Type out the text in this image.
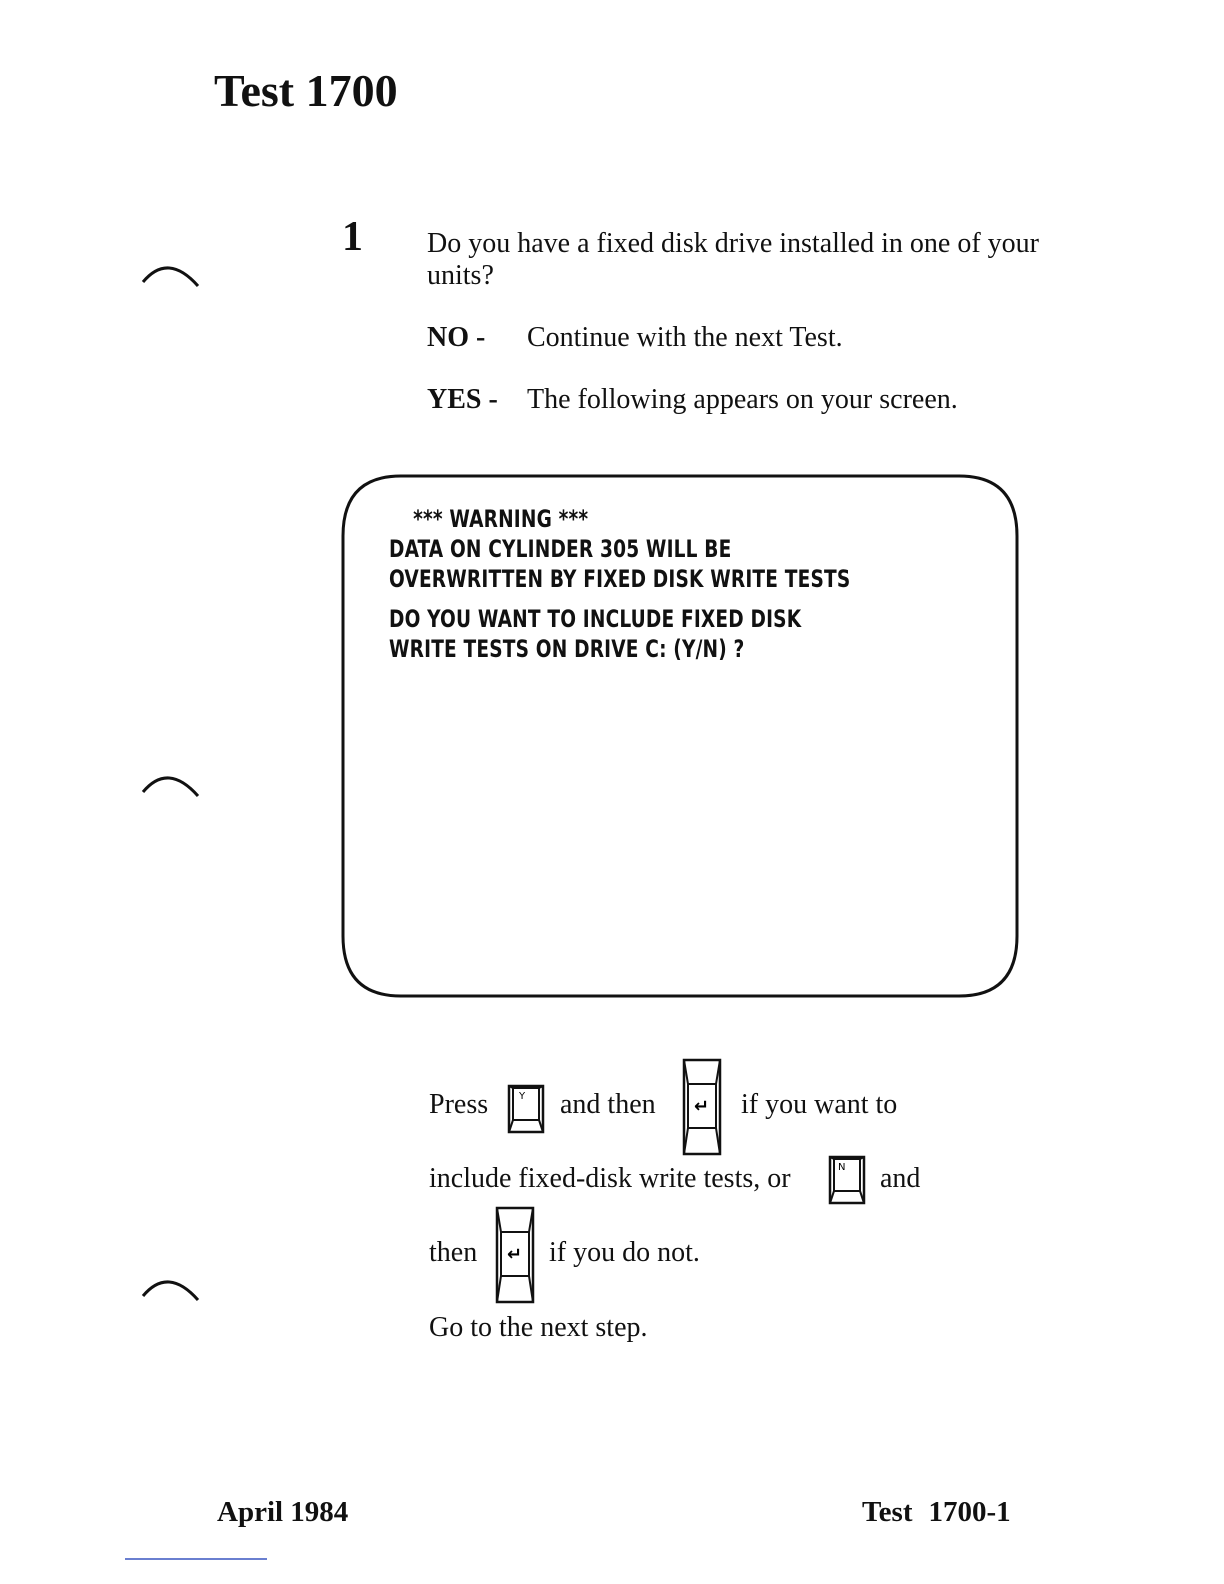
Test 1700
1 Do you have a fixed disk drive installed in one of your units?
NO - Continue with the next Test.
YES - The following appears on your screen.
*** WARNING ***
DATA ON CYLINDER 305 WILL BE
OVERWRITTEN BY FIXED DISK WRITE TESTS
DO YOU WANT TO INCLUDE FIXED DISK
WRITE TESTS ON DRIVE C: (Y/N) ?
Press	Y and then ↵ if you want to
include fixed-disk write tests, or	N and
then ↵ if you do not.
Go to the next step.
April 1984	Test 1700-1
